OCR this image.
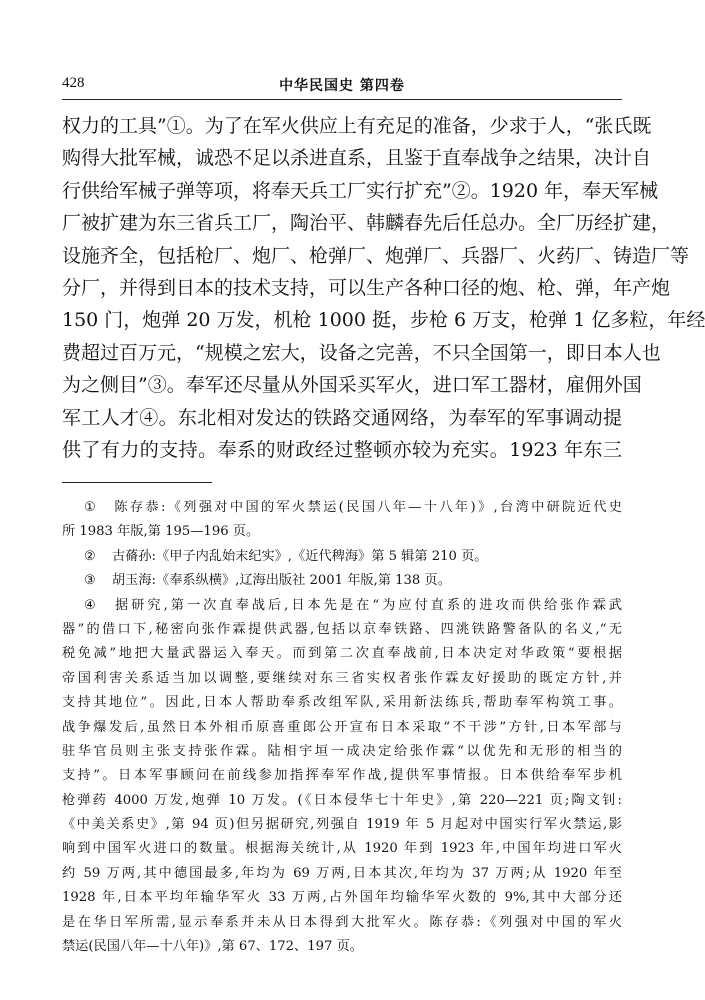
428	中华民国史 第四卷
权力的工具”①。为了在军火供应上有充足的准备，少求于人，“张氏既
购得大批军械，诚恐不足以杀进直系，且鉴于直奉战争之结果，决计自
行供给军械子弹等项，将奉天兵工厂实行扩充”②。1920 年，奉天军械
厂被扩建为东三省兵工厂，陶治平、韩麟春先后任总办。全厂历经扩建，
设施齐全，包括枪厂、炮厂、枪弹厂、炮弹厂、兵器厂、火药厂、铸造厂等
分厂，并得到日本的技术支持，可以生产各种口径的炮、枪、弹，年产炮
150 门，炮弹 20 万发，机枪 1000 挺，步枪 6 万支，枪弹 1 亿多粒，年经
费超过百万元，“规模之宏大，设备之完善，不只全国第一，即日本人也
为之侧目”③。奉军还尽量从外国采买军火，进口军工器材，雇佣外国
军工人才④。东北相对发达的铁路交通网络，为奉军的军事调动提
供了有力的支持。奉系的财政经过整顿亦较为充实。1923 年东三
① 陈存恭:《列强对中国的军火禁运(民国八年—十八年)》,台湾中研院近代史
所 1983 年版,第 195—196 页。
② 古蓨孙:《甲子内乱始末纪实》,《近代稗海》第 5 辑第 210 页。
③ 胡玉海:《奉系纵横》,辽海出版社 2001 年版,第 138 页。
④ 据研究,第一次直奉战后,日本先是在“为应付直系的进攻而供给张作霖武
器”的借口下,秘密向张作霖提供武器,包括以京奉铁路、四洮铁路警备队的名义,“无
税免减”地把大量武器运入奉天。而到第二次直奉战前,日本决定对华政策“要根据
帝国利害关系适当加以调整,要继续对东三省实权者张作霖友好援助的既定方针,并
支持其地位”。因此,日本人帮助奉系改组军队,采用新法练兵,帮助奉军构筑工事。
战争爆发后,虽然日本外相币原喜重郎公开宣布日本采取“不干涉”方针,日本军部与
驻华官员则主张支持张作霖。陆相宇垣一成决定给张作霖“以优先和无形的相当的
支持”。日本军事顾问在前线参加指挥奉军作战,提供军事情报。日本供给奉军步机
枪弹药 4000 万发,炮弹 10 万发。(《日本侵华七十年史》,第 220—221 页;陶文钊:
《中美关系史》,第 94 页)但另据研究,列强自 1919 年 5 月起对中国实行军火禁运,影
响到中国军火进口的数量。根据海关统计,从 1920 年到 1923 年,中国年均进口军火
约 59 万两,其中德国最多,年均为 69 万两,日本其次,年均为 37 万两;从 1920 年至
1928 年,日本平均年输华军火 33 万两,占外国年均输华军火数的 9%,其中大部分还
是在华日军所需,显示奉系并未从日本得到大批军火。陈存恭:《列强对中国的军火
禁运(民国八年—十八年)》,第 67、172、197 页。
